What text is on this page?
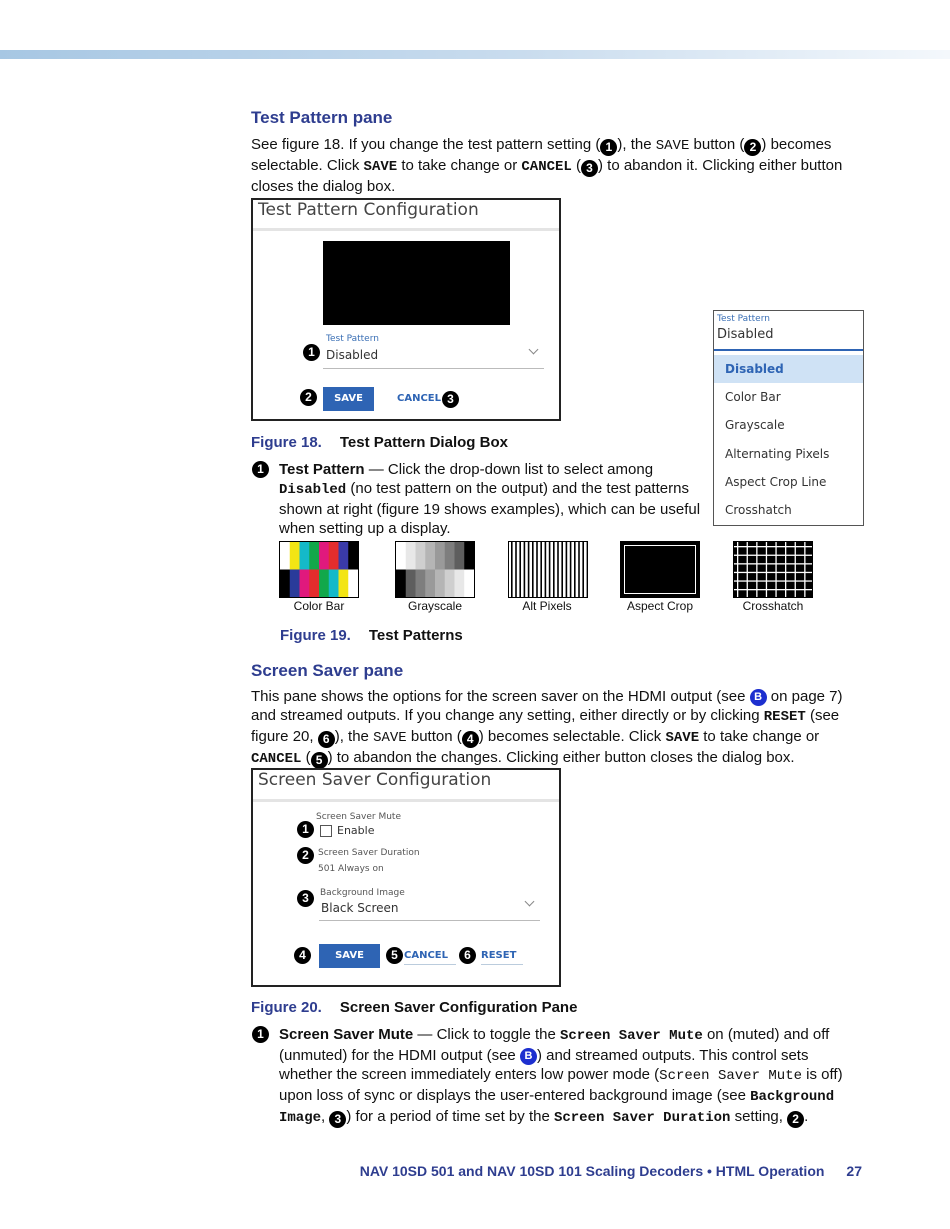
Test Pattern pane
See figure 18. If you change the test pattern setting ( 1 ), the SAVE button ( 2 ) becomes selectable. Click SAVE to take change or CANCEL ( 3 ) to abandon it. Clicking either button closes the dialog box.
Test Pattern Configuration
Test Pattern
Disabled
1
2	SAVE	CANCEL 3
Test Pattern
Disabled
Disabled
Color Bar
Grayscale
Alternating Pixels
Aspect Crop Line
Crosshatch
Figure 18. Test Pattern Dialog Box
1	Test Pattern — Click the drop-down list to select among Disabled (no test pattern on the output) and the test patterns shown at right (figure 19 shows examples), which can be useful when setting up a display.
Color Bar	Grayscale	Alt Pixels	Aspect Crop	Crosshatch
Figure 19. Test Patterns
Screen Saver pane
This pane shows the options for the screen saver on the HDMI output (see B on page 7) and streamed outputs. If you change any setting, either directly or by clicking RESET (see figure 20, 6 ), the SAVE button ( 4 ) becomes selectable. Click SAVE to take change or CANCEL ( 5 ) to abandon the changes. Clicking either button closes the dialog box.
Screen Saver Configuration
Screen Saver Mute
Enable
1
Screen Saver Duration
501 Always on
2
Background Image
Black Screen
3
4	SAVE	5 CANCEL	6	RESET
Figure 20. Screen Saver Configuration Pane
1	Screen Saver Mute — Click to toggle the Screen Saver Mute on (muted) and off (unmuted) for the HDMI output (see B ) and streamed outputs. This control sets whether the screen immediately enters low power mode (Screen Saver Mute is off) upon loss of sync or displays the user-entered background image (see Background Image, 3 ) for a period of time set by the Screen Saver Duration setting, 2 .
NAV 10SD 501 and NAV 10SD 101 Scaling Decoders • HTML Operation 27
